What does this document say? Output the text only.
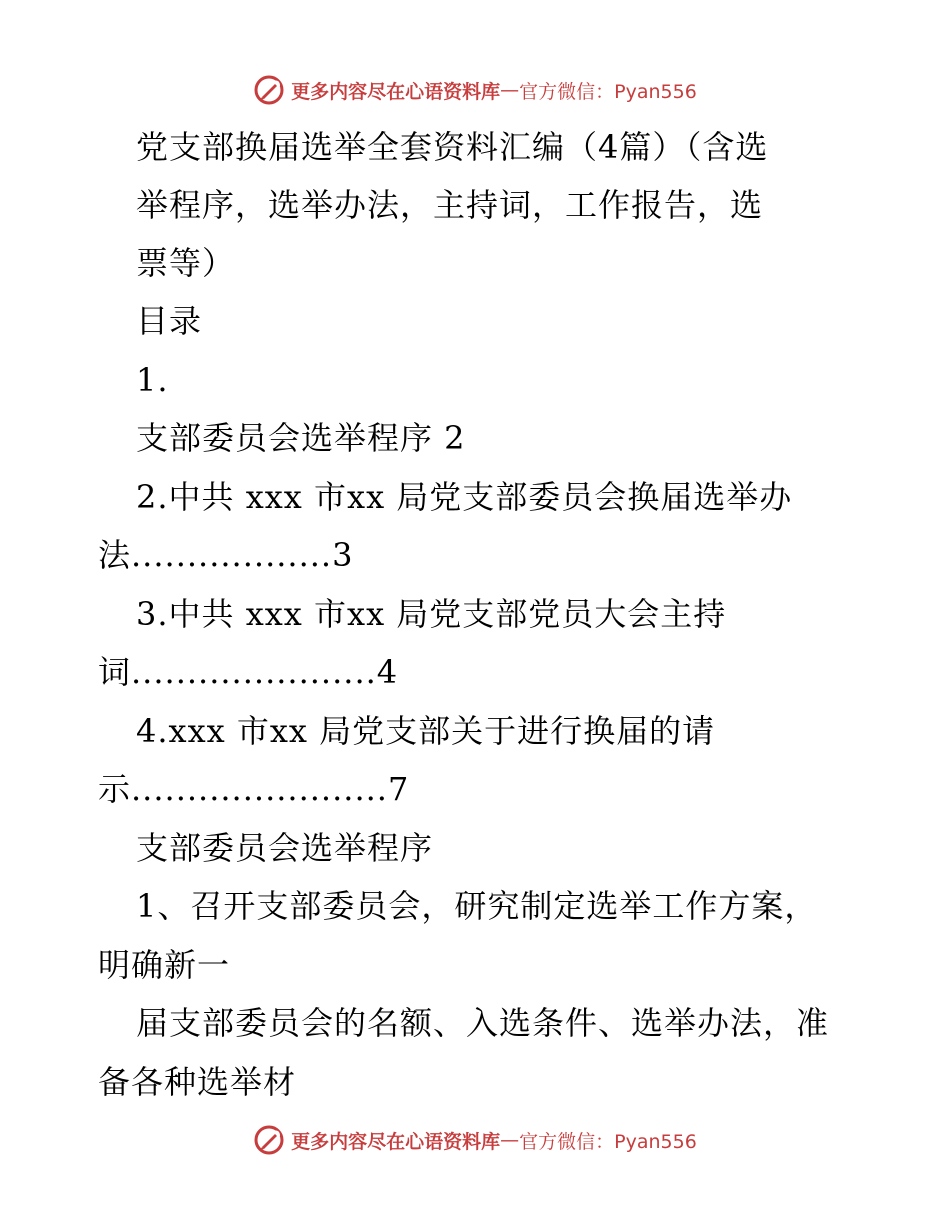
更多内容尽在心语资料库 — 官方微信：Pyan556
党支部换届选举全套资料汇编（4篇）（含选
举程序，选举办法，主持词，工作报告，选
票等）
目录
1.
支部委员会选举程序 2
2.中共 xxx 市xx 局党支部委员会换届选举办
法..................3
3.中共 xxx 市xx 局党支部党员大会主持
词......................4
4.xxx 市xx 局党支部关于进行换届的请
示.......................7
支部委员会选举程序
1、召开支部委员会，研究制定选举工作方案，
明确新一
届支部委员会的名额、入选条件、选举办法，准
备各种选举材
更多内容尽在心语资料库 — 官方微信：Pyan556
